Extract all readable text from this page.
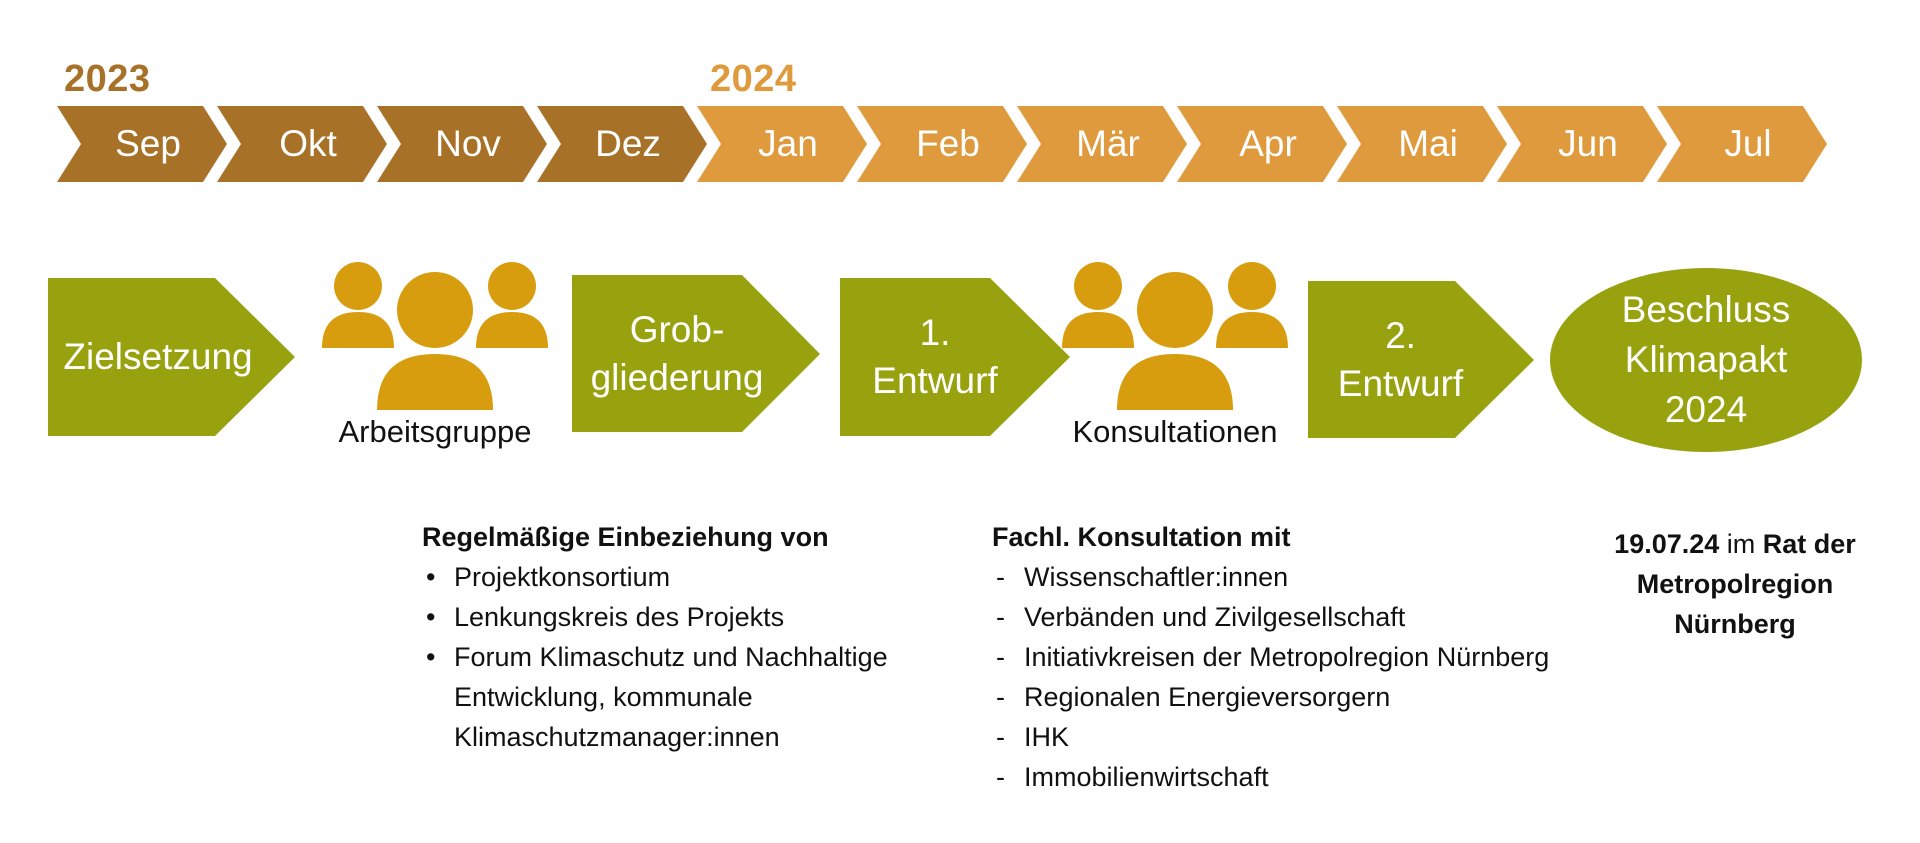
2023	2024
Sep	Okt	Nov	Dez	Jan	Feb	Mär	Apr	Mai	Jun	Jul
Zielsetzung
Grob-
gliederung
1.
Entwurf
2.
Entwurf
Beschluss
Klimapakt
2024
Arbeitsgruppe	Konsultationen
Regelmäßige Einbeziehung von
• Projektkonsortium
• Lenkungskreis des Projekts
• Forum Klimaschutz und Nachhaltige
Entwicklung, kommunale
Klimaschutzmanager:innen
Fachl. Konsultation mit
- Wissenschaftler:innen
- Verbänden und Zivilgesellschaft
- Initiativkreisen der Metropolregion Nürnberg
- Regionalen Energieversorgern
- IHK
- Immobilienwirtschaft
19.07.24 im Rat der
Metropolregion
Nürnberg
